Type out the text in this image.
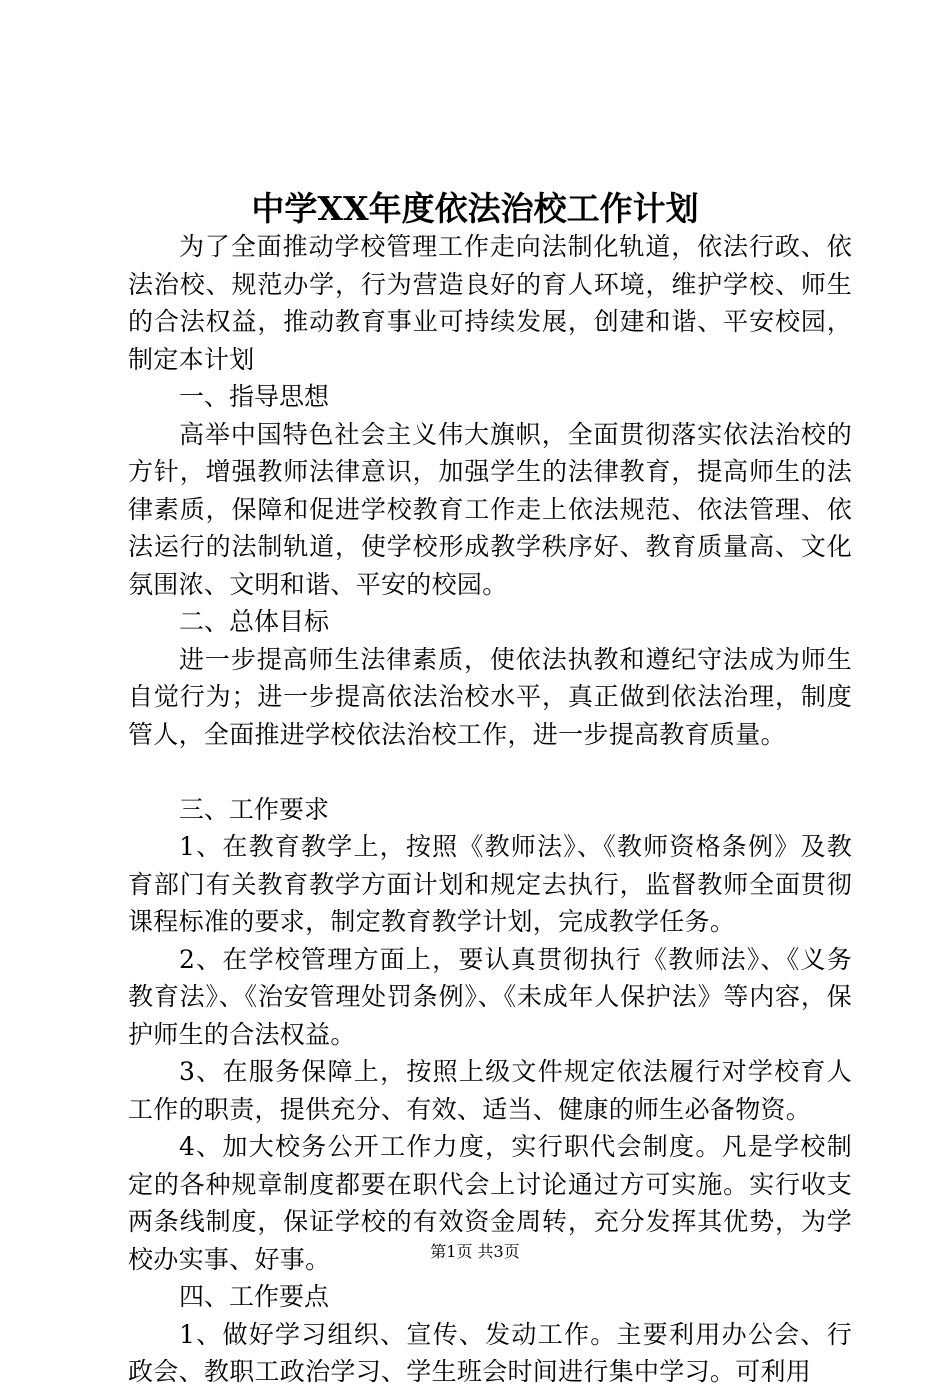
中学XX年度依法治校工作计划

为了全面推动学校管理工作走向法制化轨道，依法行政、依法治校、规范办学，行为营造良好的育人环境，维护学校、师生的合法权益，推动教育事业可持续发展，创建和谐、平安校园，制定本计划

一、指导思想

高举中国特色社会主义伟大旗帜，全面贯彻落实依法治校的方针，增强教师法律意识，加强学生的法律教育，提高师生的法律素质，保障和促进学校教育工作走上依法规范、依法管理、依法运行的法制轨道，使学校形成教学秩序好、教育质量高、文化氛围浓、文明和谐、平安的校园。

二、总体目标

进一步提高师生法律素质，使依法执教和遵纪守法成为师生自觉行为；进一步提高依法治校水平，真正做到依法治理，制度管人，全面推进学校依法治校工作，进一步提高教育质量。

三、工作要求

1、在教育教学上，按照《教师法》、《教师资格条例》及教育部门有关教育教学方面计划和规定去执行，监督教师全面贯彻课程标准的要求，制定教育教学计划，完成教学任务。

2、在学校管理方面上，要认真贯彻执行《教师法》、《义务教育法》、《治安管理处罚条例》、《未成年人保护法》等内容，保护师生的合法权益。

3、在服务保障上，按照上级文件规定依法履行对学校育人工作的职责，提供充分、有效、适当、健康的师生必备物资。

4、加大校务公开工作力度，实行职代会制度。凡是学校制定的各种规章制度都要在职代会上讨论通过方可实施。实行收支两条线制度，保证学校的有效资金周转，充分发挥其优势，为学校办实事、好事。

四、工作要点

1、做好学习组织、宣传、发动工作。主要利用办公会、行政会、教职工政治学习、学生班会时间进行集中学习。可利用

第1页 共3页
